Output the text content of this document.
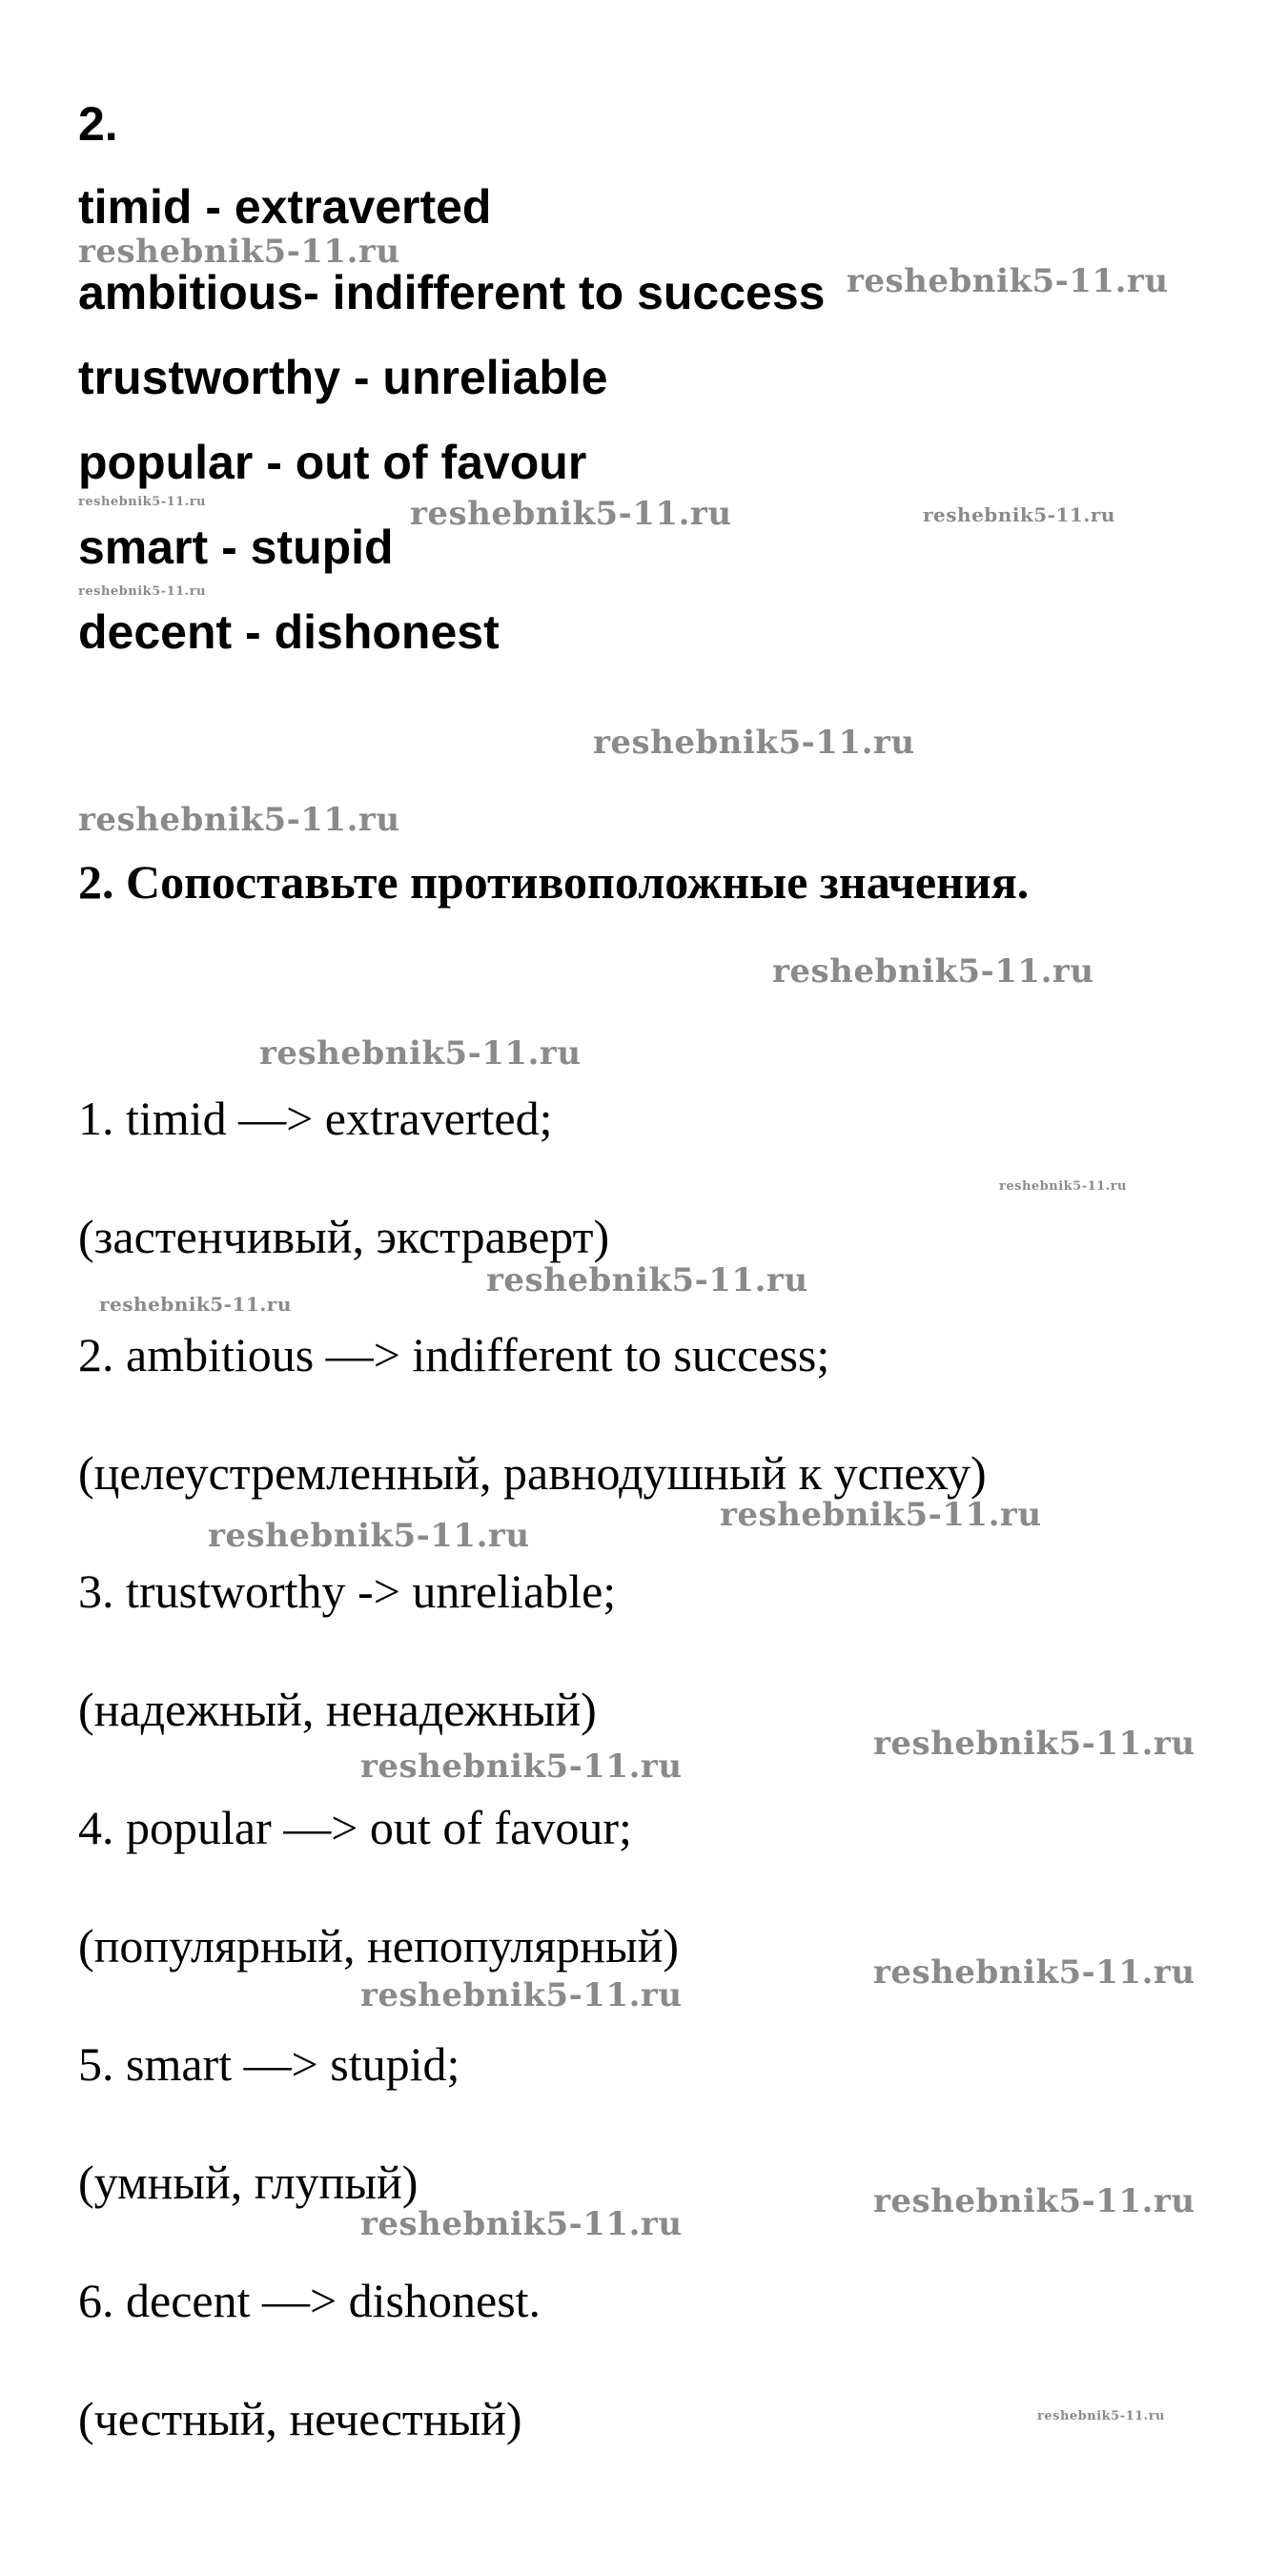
2.
timid - extraverted
ambitious- indifferent to success
trustworthy - unreliable
popular - out of favour
smart - stupid
decent - dishonest
2. Сопоставьте противоположные значения.
1. timid —> extraverted;
(застенчивый, экстраверт)
2. ambitious —> indifferent to success;
(целеустремленный, равнодушный к успеху)
3. trustworthy -> unreliable;
(надежный, ненадежный)
4. popular —> out of favour;
(популярный, непопулярный)
5. smart —> stupid;
(умный, глупый)
6. decent —> dishonest.
(честный, нечестный)
reshebnik5-11.ru
reshebnik5-11.ru
reshebnik5-11.ru	reshebnik5-11.ru	reshebnik5-11.ru
reshebnik5-11.ru
reshebnik5-11.ru
reshebnik5-11.ru
reshebnik5-11.ru
reshebnik5-11.ru
reshebnik5-11.ru
reshebnik5-11.ru
reshebnik5-11.ru
reshebnik5-11.ru
reshebnik5-11.ru
reshebnik5-11.ru
reshebnik5-11.ru
reshebnik5-11.ru
reshebnik5-11.ru
reshebnik5-11.ru
reshebnik5-11.ru
reshebnik5-11.ru
